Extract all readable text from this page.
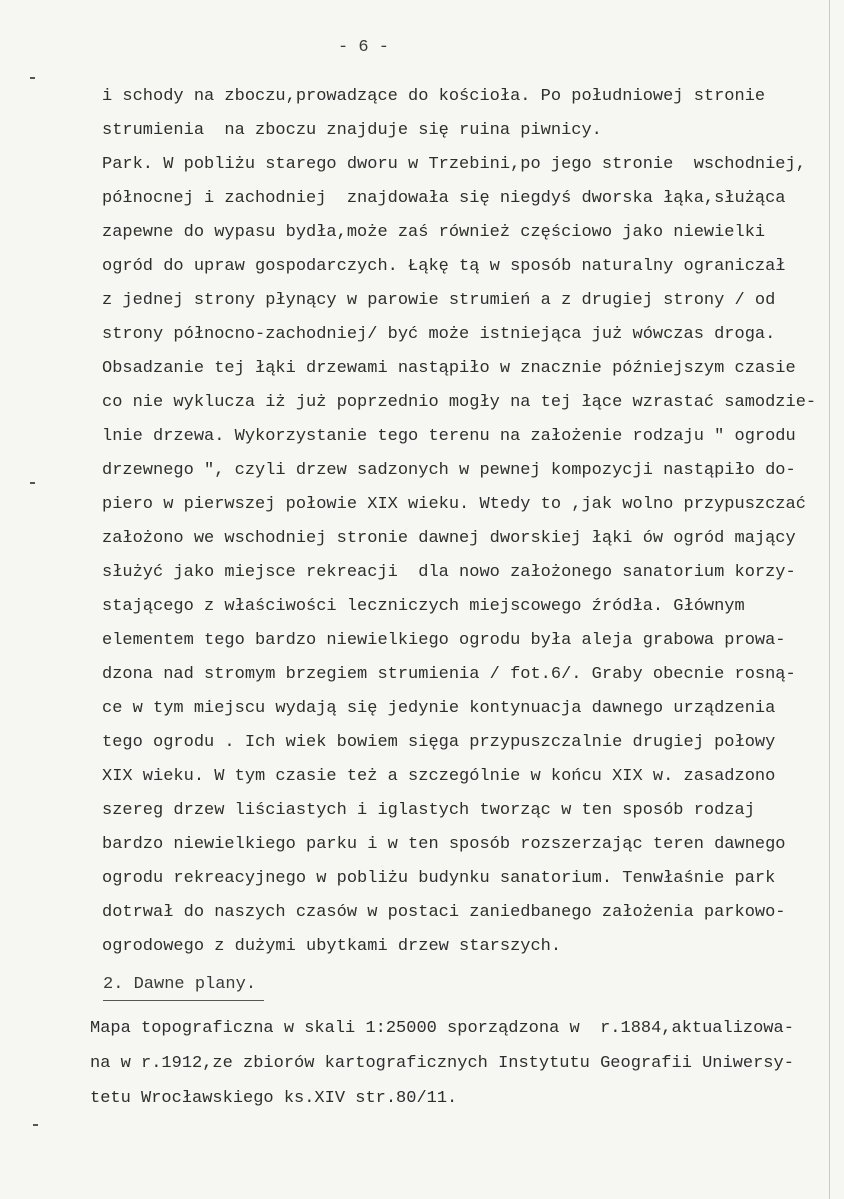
- 6 -
i schody na zboczu,prowadzące do kościoła. Po południowej stronie
strumienia  na zboczu znajduje się ruina piwnicy.
Park. W pobliżu starego dworu w Trzebini,po jego stronie  wschodniej,
północnej i zachodniej  znajdowała się niegdyś dworska łąka,służąca
zapewne do wypasu bydła,może zaś również częściowo jako niewielki
ogród do upraw gospodarczych. Łąkę tą w sposób naturalny ograniczał
z jednej strony płynący w parowie strumień a z drugiej strony / od
strony północno-zachodniej/ być może istniejąca już wówczas droga.
Obsadzanie tej łąki drzewami nastąpiło w znacznie późniejszym czasie
co nie wyklucza iż już poprzednio mogły na tej łące wzrastać samodzie-
lnie drzewa. Wykorzystanie tego terenu na założenie rodzaju " ogrodu
drzewnego ", czyli drzew sadzonych w pewnej kompozycji nastąpiło do-
piero w pierwszej połowie XIX wieku. Wtedy to ,jak wolno przypuszczać
założono we wschodniej stronie dawnej dworskiej łąki ów ogród mający
służyć jako miejsce rekreacji  dla nowo założonego sanatorium korzy-
stającego z właściwości leczniczych miejscowego źródła. Głównym
elementem tego bardzo niewielkiego ogrodu była aleja grabowa prowa-
dzona nad stromym brzegiem strumienia / fot.6/. Graby obecnie rosną-
ce w tym miejscu wydają się jedynie kontynuacja dawnego urządzenia
tego ogrodu . Ich wiek bowiem sięga przypuszczalnie drugiej połowy
XIX wieku. W tym czasie też a szczególnie w końcu XIX w. zasadzono
szereg drzew liściastych i iglastych tworząc w ten sposób rodzaj
bardzo niewielkiego parku i w ten sposób rozszerzając teren dawnego
ogrodu rekreacyjnego w pobliżu budynku sanatorium. Tenwłaśnie park
dotrwał do naszych czasów w postaci zaniedbanego założenia parkowo-
ogrodowego z dużymi ubytkami drzew starszych.
2. Dawne plany.
Mapa topograficzna w skali 1:25000 sporządzona w  r.1884,aktualizowa-
na w r.1912,ze zbiorów kartograficznych Instytutu Geografii Uniwersy-
tetu Wrocławskiego ks.XIV str.80/11.
